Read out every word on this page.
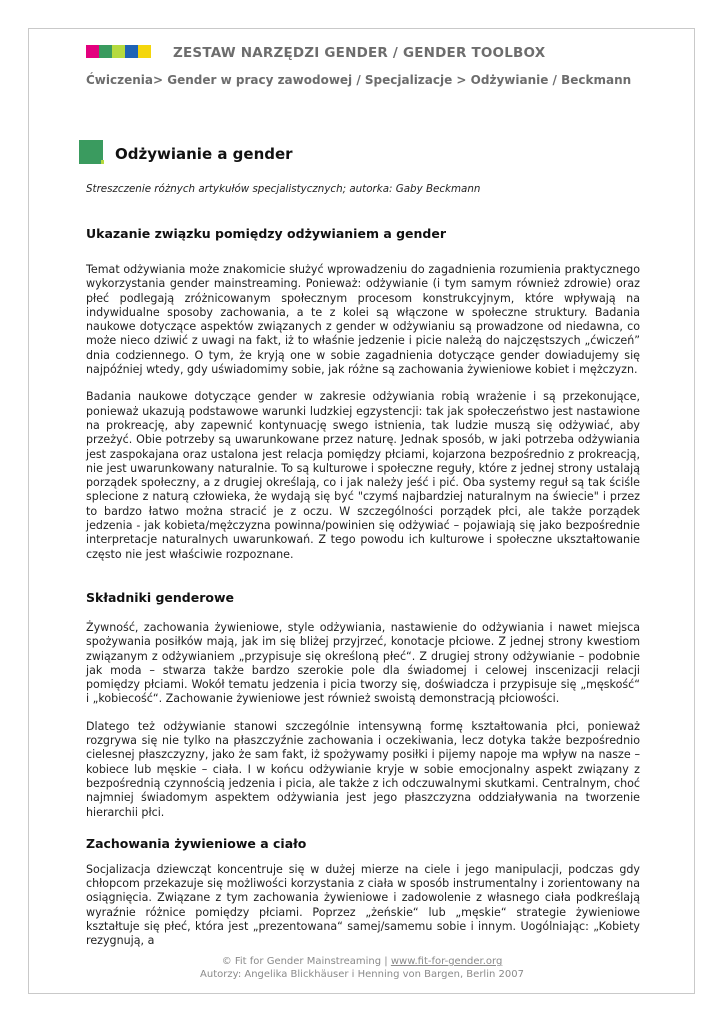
ZESTAW NARZĘDZI GENDER / GENDER TOOLBOX
Ćwiczenia> Gender w pracy zawodowej / Specjalizacje > Odżywianie / Beckmann
Odżywianie a gender
Streszczenie różnych artykułów specjalistycznych; autorka: Gaby Beckmann
Ukazanie związku pomiędzy odżywianiem a gender

Temat odżywiania może znakomicie służyć wprowadzeniu do zagadnienia rozumienia praktycznego wykorzystania gender mainstreaming. Ponieważ: odżywianie (i tym samym również zdrowie) oraz płeć podlegają zróżnicowanym społecznym procesom konstrukcyjnym, które wpływają na indywidualne sposoby zachowania, a te z kolei są włączone w społeczne struktury. Badania naukowe dotyczące aspektów związanych z gender w odżywianiu są prowadzone od niedawna, co może nieco dziwić z uwagi na fakt, iż to właśnie jedzenie i picie należą do najczęstszych „ćwiczeń” dnia codziennego. O tym, że kryją one w sobie zagadnienia dotyczące gender dowiadujemy się najpóźniej wtedy, gdy uświadomimy sobie, jak różne są zachowania żywieniowe kobiet i mężczyzn.

Badania naukowe dotyczące gender w zakresie odżywiania robią wrażenie i są przekonujące, ponieważ ukazują podstawowe warunki ludzkiej egzystencji: tak jak społeczeństwo jest nastawione na prokreację, aby zapewnić kontynuację swego istnienia, tak ludzie muszą się odżywiać, aby przeżyć. Obie potrzeby są uwarunkowane przez naturę. Jednak sposób, w jaki potrzeba odżywiania jest zaspokajana oraz ustalona jest relacja pomiędzy płciami, kojarzona bezpośrednio z prokreacją, nie jest uwarunkowany naturalnie. To są kulturowe i społeczne reguły, które z jednej strony ustalają porządek społeczny, a z drugiej określają, co i jak należy jeść i pić. Oba systemy reguł są tak ściśle splecione z naturą człowieka, że wydają się być "czymś najbardziej naturalnym na świecie" i przez to bardzo łatwo można stracić je z oczu. W szczególności porządek płci, ale także porządek jedzenia - jak kobieta/mężczyzna powinna/powinien się odżywiać – pojawiają się jako bezpośrednie interpretacje naturalnych uwarunkowań. Z tego powodu ich kulturowe i społeczne ukształtowanie często nie jest właściwie rozpoznane.

Składniki genderowe

Żywność, zachowania żywieniowe, style odżywiania, nastawienie do odżywiania i nawet miejsca spożywania posiłków mają, jak im się bliżej przyjrzeć, konotacje płciowe. Z jednej strony kwestiom związanym z odżywianiem „przypisuje się określoną płeć“. Z drugiej strony odżywianie – podobnie jak moda – stwarza także bardzo szerokie pole dla świadomej i celowej inscenizacji relacji pomiędzy płciami. Wokół tematu jedzenia i picia tworzy się, doświadcza i przypisuje się „męskość“ i „kobiecość“. Zachowanie żywieniowe jest również swoistą demonstracją płciowości.

Dlatego też odżywianie stanowi szczególnie intensywną formę kształtowania płci, ponieważ rozgrywa się nie tylko na płaszczyźnie zachowania i oczekiwania, lecz dotyka także bezpośrednio cielesnej płaszczyzny, jako że sam fakt, iż spożywamy posiłki i pijemy napoje ma wpływ na nasze – kobiece lub męskie – ciała. I w końcu odżywianie kryje w sobie emocjonalny aspekt związany z bezpośrednią czynnością jedzenia i picia, ale także z ich odczuwalnymi skutkami. Centralnym, choć najmniej świadomym aspektem odżywiania jest jego płaszczyzna oddziaływania na tworzenie hierarchii płci.

Zachowania żywieniowe a ciało

Socjalizacja dziewcząt koncentruje się w dużej mierze na ciele i jego manipulacji, podczas gdy chłopcom przekazuje się możliwości korzystania z ciała w sposób instrumentalny i zorientowany na osiągnięcia. Związane z tym zachowania żywieniowe i zadowolenie z własnego ciała podkreślają wyraźnie różnice pomiędzy płciami. Poprzez „żeńskie“ lub „męskie“ strategie żywieniowe kształtuje się płeć, która jest „prezentowana“ samej/samemu sobie i innym. Uogólniając: „Kobiety rezygnują, a

© Fit for Gender Mainstreaming | www.fit-for-gender.org
Autorzy: Angelika Blickhäuser i Henning von Bargen, Berlin 2007
